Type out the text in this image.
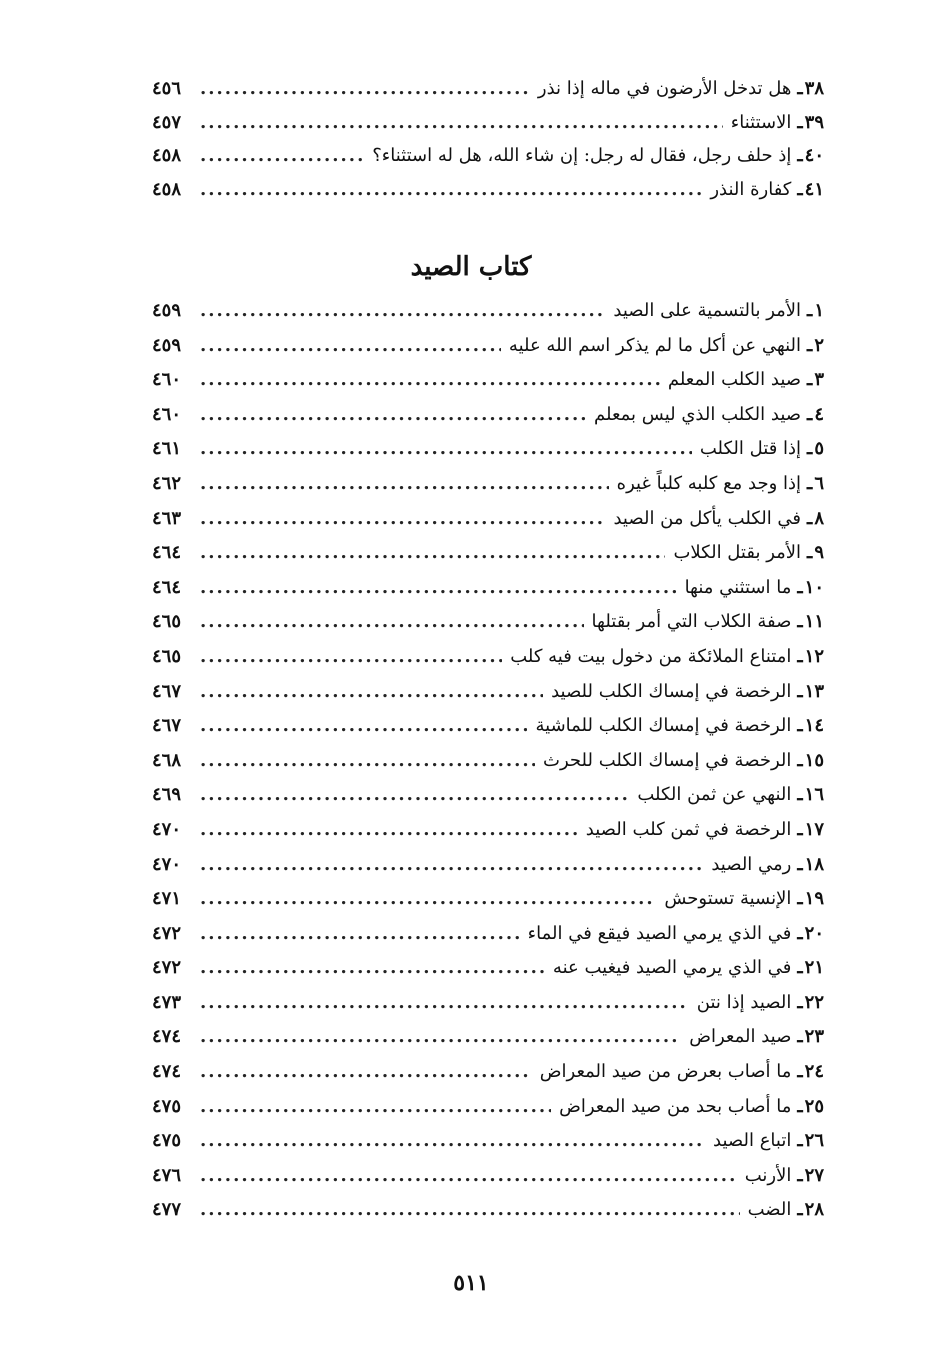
٣٨
ـ
هل تدخل الأرضون في ماله إذا نذر
.....
٤٥٦
٣٩
ـ
الاستثناء
.....
٤٥٧
٤٠
ـ
إذ حلف رجل، فقال له رجل: إن شاء الله، هل له استثناء؟
.....
٤٥٨
٤١
ـ
كفارة النذر
.....
٤٥٨
كتاب الصيد
١
ـ
الأمر بالتسمية على الصيد
.....
٤٥٩
٢
ـ
النهي عن أكل ما لم يذكر اسم الله عليه
.....
٤٥٩
٣
ـ
صيد الكلب المعلم
.....
٤٦٠
٤
ـ
صيد الكلب الذي ليس بمعلم
.....
٤٦٠
٥
ـ
إذا قتل الكلب
.....
٤٦١
٦
ـ
إذا وجد مع كلبه كلباً غيره
.....
٤٦٢
٨
ـ
في الكلب يأكل من الصيد
.....
٤٦٣
٩
ـ
الأمر بقتل الكلاب
.....
٤٦٤
١٠
ـ
ما استثني منها
.....
٤٦٤
١١
ـ
صفة الكلاب التي أمر بقتلها
.....
٤٦٥
١٢
ـ
امتناع الملائكة من دخول بيت فيه كلب
.....
٤٦٥
١٣
ـ
الرخصة في إمساك الكلب للصيد
.....
٤٦٧
١٤
ـ
الرخصة في إمساك الكلب للماشية
.....
٤٦٧
١٥
ـ
الرخصة في إمساك الكلب للحرث
.....
٤٦٨
١٦
ـ
النهي عن ثمن الكلب
.....
٤٦٩
١٧
ـ
الرخصة في ثمن كلب الصيد
.....
٤٧٠
١٨
ـ
رمي الصيد
.....
٤٧٠
١٩
ـ
الإنسية تستوحش
.....
٤٧١
٢٠
ـ
في الذي يرمي الصيد فيقع في الماء
.....
٤٧٢
٢١
ـ
في الذي يرمي الصيد فيغيب عنه
.....
٤٧٢
٢٢
ـ
الصيد إذا نتن
.....
٤٧٣
٢٣
ـ
صيد المعراض
.....
٤٧٤
٢٤
ـ
ما أصاب بعرض من صيد المعراض
.....
٤٧٤
٢٥
ـ
ما أصاب بحد من صيد المعراض
.....
٤٧٥
٢٦
ـ
اتباع الصيد
.....
٤٧٥
٢٧
ـ
الأرنب
.....
٤٧٦
٢٨
ـ
الضب
.....
٤٧٧
٥١١
